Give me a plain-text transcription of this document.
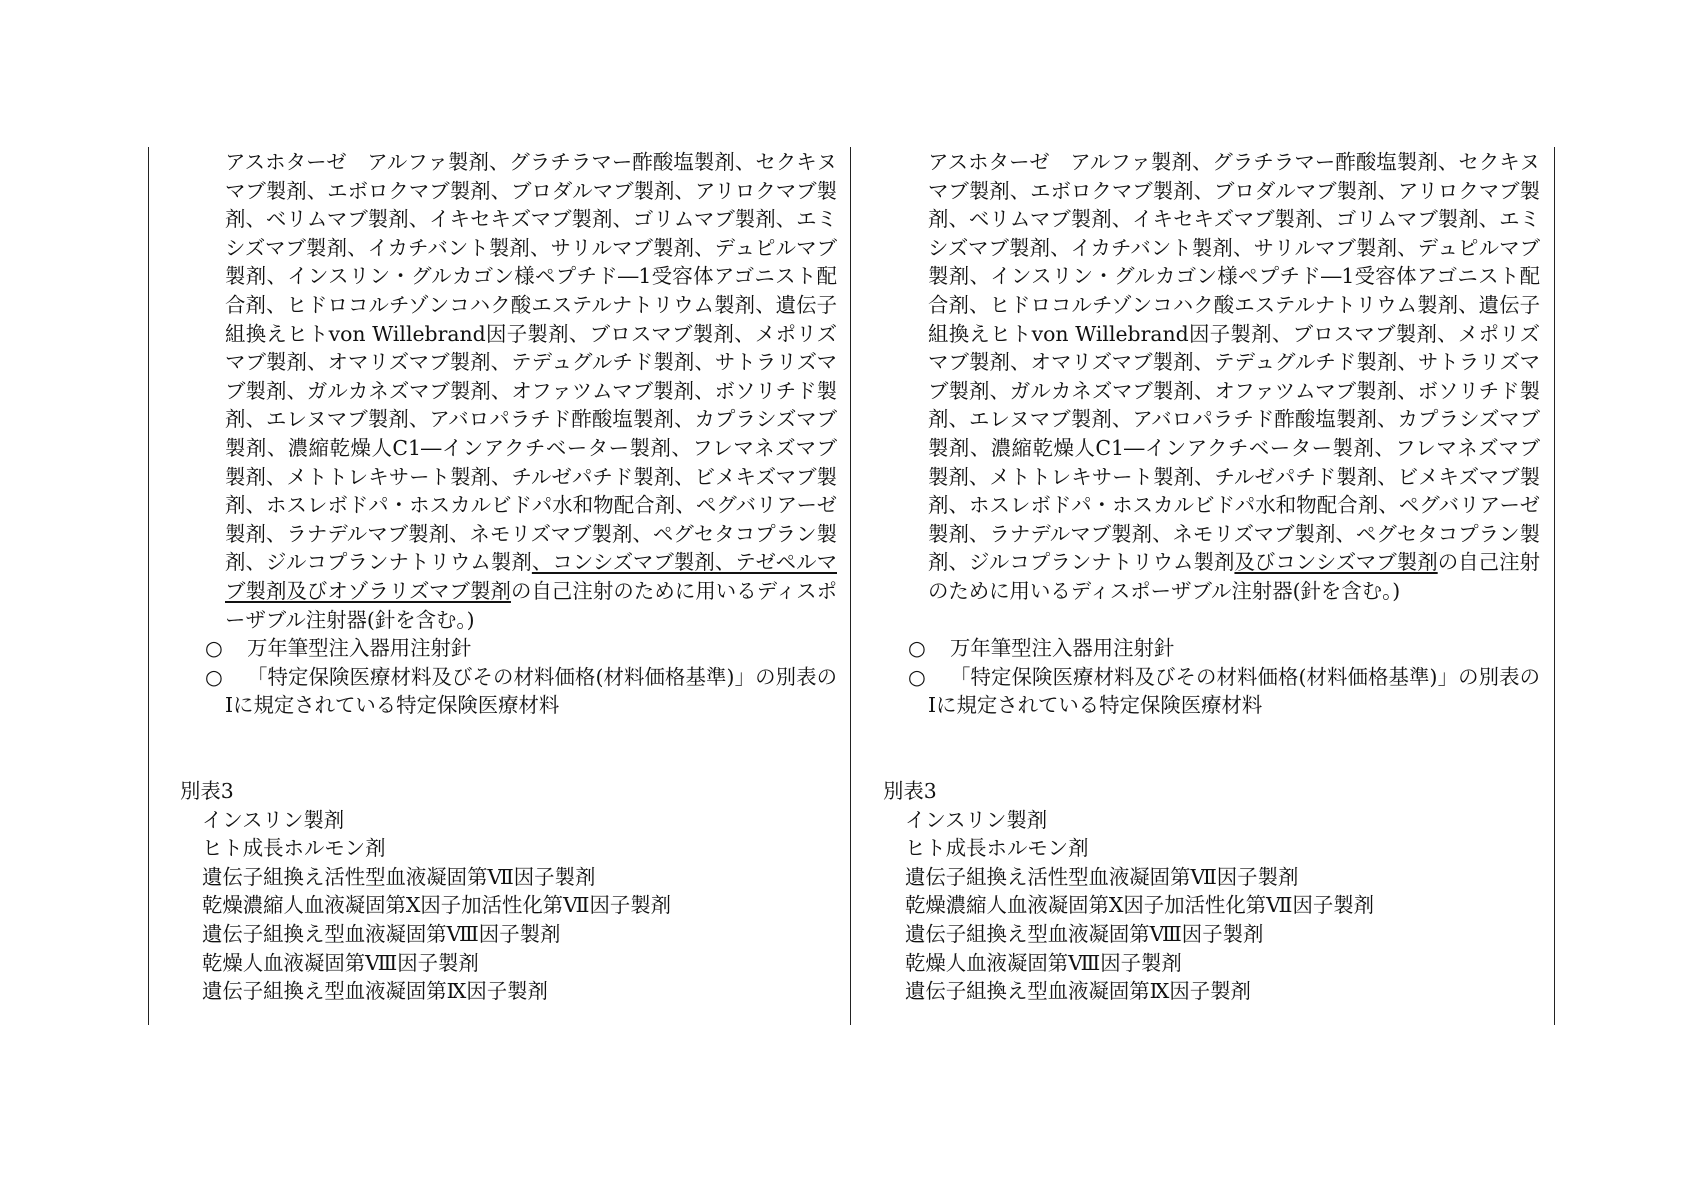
アスホターゼ　アルファ製剤、グラチラマー酢酸塩製剤、セクキヌマブ製剤、エボロクマブ製剤、ブロダルマブ製剤、アリロクマブ製剤、ベリムマブ製剤、イキセキズマブ製剤、ゴリムマブ製剤、エミシズマブ製剤、イカチバント製剤、サリルマブ製剤、デュピルマブ製剤、インスリン・グルカゴン様ペプチド―1受容体アゴニスト配合剤、ヒドロコルチゾンコハク酸エステルナトリウム製剤、遺伝子組換えヒトvon Willebrand因子製剤、ブロスマブ製剤、メポリズマブ製剤、オマリズマブ製剤、テデュグルチド製剤、サトラリズマブ製剤、ガルカネズマブ製剤、オファツムマブ製剤、ボソリチド製剤、エレヌマブ製剤、アバロパラチド酢酸塩製剤、カプラシズマブ製剤、濃縮乾燥人C1―インアクチベーター製剤、フレマネズマブ製剤、メトトレキサート製剤、チルゼパチド製剤、ビメキズマブ製剤、ホスレボドパ・ホスカルビドパ水和物配合剤、ペグバリアーゼ製剤、ラナデルマブ製剤、ネモリズマブ製剤、ペグセタコプラン製剤、ジルコプランナトリウム製剤、コンシズマブ製剤、テゼペルマブ製剤及びオゾラリズマブ製剤の自己注射のために用いるディスポーザブル注射器(針を含む。)

○ 万年筆型注入器用注射針

○	「特定保険医療材料及びその材料価格(材料価格基準)」の別表のⅠに規定されている特定保険医療材料

別表3

インスリン製剤
ヒト成長ホルモン剤
遺伝子組換え活性型血液凝固第Ⅶ因子製剤
乾燥濃縮人血液凝固第Ⅹ因子加活性化第Ⅶ因子製剤
遺伝子組換え型血液凝固第Ⅷ因子製剤
乾燥人血液凝固第Ⅷ因子製剤
遺伝子組換え型血液凝固第Ⅸ因子製剤

アスホターゼ　アルファ製剤、グラチラマー酢酸塩製剤、セクキヌマブ製剤、エボロクマブ製剤、ブロダルマブ製剤、アリロクマブ製剤、ベリムマブ製剤、イキセキズマブ製剤、ゴリムマブ製剤、エミシズマブ製剤、イカチバント製剤、サリルマブ製剤、デュピルマブ製剤、インスリン・グルカゴン様ペプチド―1受容体アゴニスト配合剤、ヒドロコルチゾンコハク酸エステルナトリウム製剤、遺伝子組換えヒトvon Willebrand因子製剤、ブロスマブ製剤、メポリズマブ製剤、オマリズマブ製剤、テデュグルチド製剤、サトラリズマブ製剤、ガルカネズマブ製剤、オファツムマブ製剤、ボソリチド製剤、エレヌマブ製剤、アバロパラチド酢酸塩製剤、カプラシズマブ製剤、濃縮乾燥人C1―インアクチベーター製剤、フレマネズマブ製剤、メトトレキサート製剤、チルゼパチド製剤、ビメキズマブ製剤、ホスレボドパ・ホスカルビドパ水和物配合剤、ペグバリアーゼ製剤、ラナデルマブ製剤、ネモリズマブ製剤、ペグセタコプラン製剤、ジルコプランナトリウム製剤及びコンシズマブ製剤の自己注射のために用いるディスポーザブル注射器(針を含む。)

○ 万年筆型注入器用注射針

○	「特定保険医療材料及びその材料価格(材料価格基準)」の別表のⅠに規定されている特定保険医療材料

別表3

インスリン製剤
ヒト成長ホルモン剤
遺伝子組換え活性型血液凝固第Ⅶ因子製剤
乾燥濃縮人血液凝固第Ⅹ因子加活性化第Ⅶ因子製剤
遺伝子組換え型血液凝固第Ⅷ因子製剤
乾燥人血液凝固第Ⅷ因子製剤
遺伝子組換え型血液凝固第Ⅸ因子製剤
